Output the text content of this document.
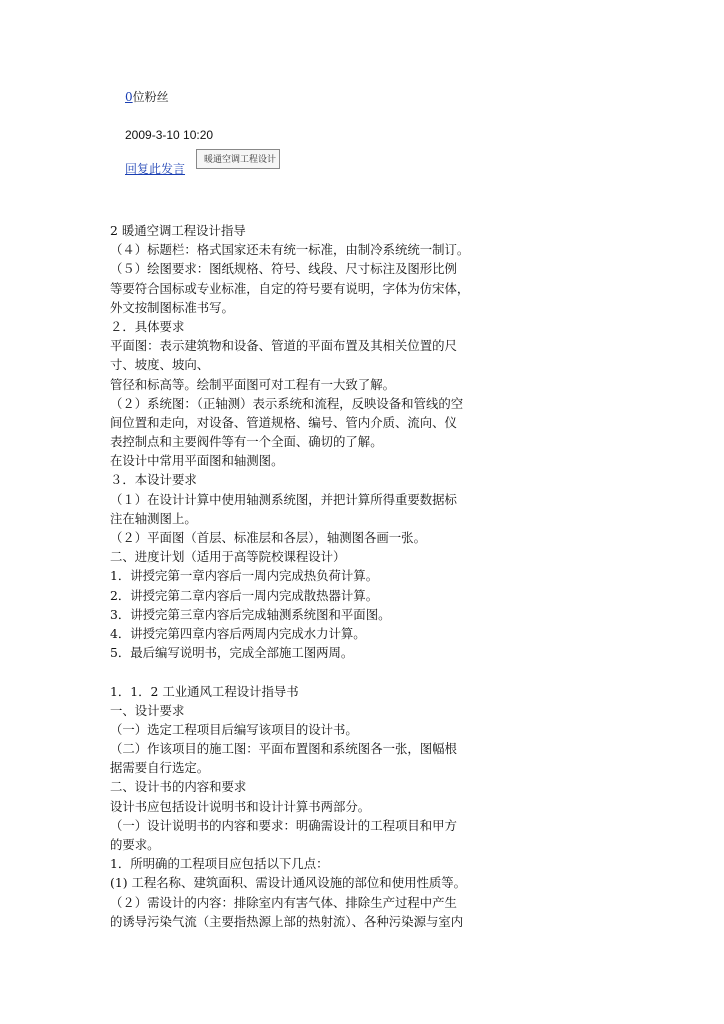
0位粉丝
2009-3-10 10:20
回复此发言
暖通空调工程设计
2 暖通空调工程设计指导
（４）标题栏：格式国家还未有统一标准，由制冷系统统一制订。
（５）绘图要求：图纸规格、符号、线段、尺寸标注及图形比例
等要符合国标或专业标准，自定的符号要有说明，字体为仿宋体，
外文按制图标准书写。
２．具体要求
平面图：表示建筑物和设备、管道的平面布置及其相关位置的尺
寸、坡度、坡向、
管径和标高等。绘制平面图可对工程有一大致了解。
（２）系统图：（正轴测）表示系统和流程，反映设备和管线的空
间位置和走向，对设备、管道规格、编号、管内介质、流向、仪
表控制点和主要阀件等有一个全面、确切的了解。
在设计中常用平面图和轴测图。
３．本设计要求
（１）在设计计算中使用轴测系统图，并把计算所得重要数据标
注在轴测图上。
（２）平面图（首层、标准层和各层），轴测图各画一张。
二、进度计划（适用于高等院校课程设计）
1．讲授完第一章内容后一周内完成热负荷计算。
2．讲授完第二章内容后一周内完成散热器计算。
3．讲授完第三章内容后完成轴测系统图和平面图。
4．讲授完第四章内容后两周内完成水力计算。
5．最后编写说明书，完成全部施工图两周。
1．1．2 工业通风工程设计指导书
一、设计要求
（一）选定工程项目后编写该项目的设计书。
（二）作该项目的施工图：平面布置图和系统图各一张，图幅根
据需要自行选定。
二、设计书的内容和要求
设计书应包括设计说明书和设计计算书两部分。
（一）设计说明书的内容和要求：明确需设计的工程项目和甲方
的要求。
1．所明确的工程项目应包括以下几点：
(1) 工程名称、建筑面积、需设计通风设施的部位和使用性质等。
（２）需设计的内容：排除室内有害气体、排除生产过程中产生
的诱导污染气流（主要指热源上部的热射流）、各种污染源与室内
